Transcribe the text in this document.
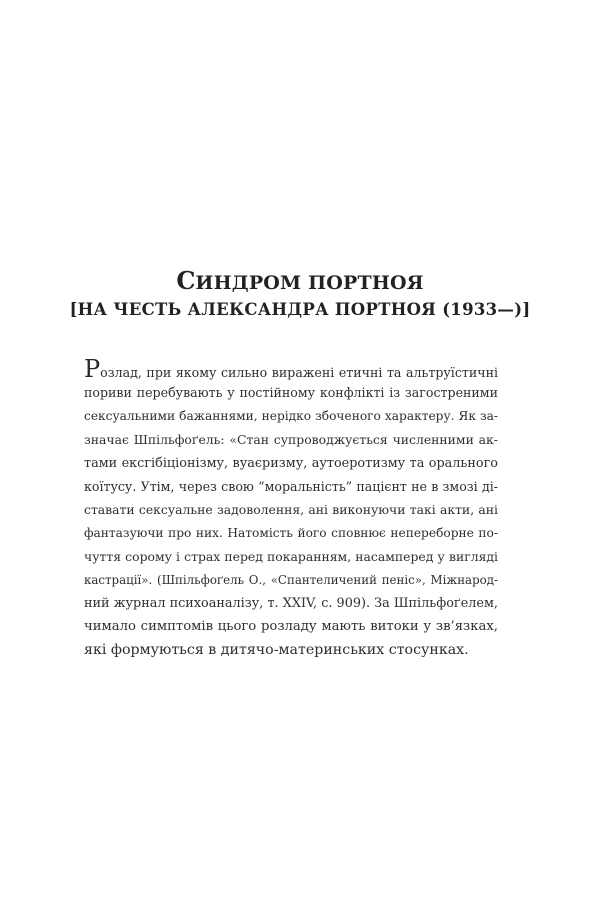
СИНДРОМ ПОРТНОЯ
[НА ЧЕСТЬ АЛЕКСАНДРА ПОРТНОЯ (1933—)]
Розлад, при якому сильно виражені етичні та альтруїстичні
пориви перебувають у постійному конфлікті із загостреними
сексуальними бажаннями, нерідко збоченого характеру. Як за-
значає Шпільфоґель: «Стан супроводжується численними ак-
тами ексгібіціонізму, вуаєризму, аутоеротизму та орального
коїтусу. Утім, через свою “моральність” пацієнт не в змозі ді-
ставати сексуальне задоволення, ані виконуючи такі акти, ані
фантазуючи про них. Натомість його сповнює непереборне по-
чуття сорому і страх перед покаранням, насамперед у вигляді
кастрації». (Шпільфоґель О., «Спантеличений пеніс», Міжнарод-
ний журнал психоаналізу, т. XXIV, с. 909). За Шпільфоґелем,
чимало симптомів цього розладу мають витоки у зв’язках,
які формуються в дитячо-материнських стосунках.
